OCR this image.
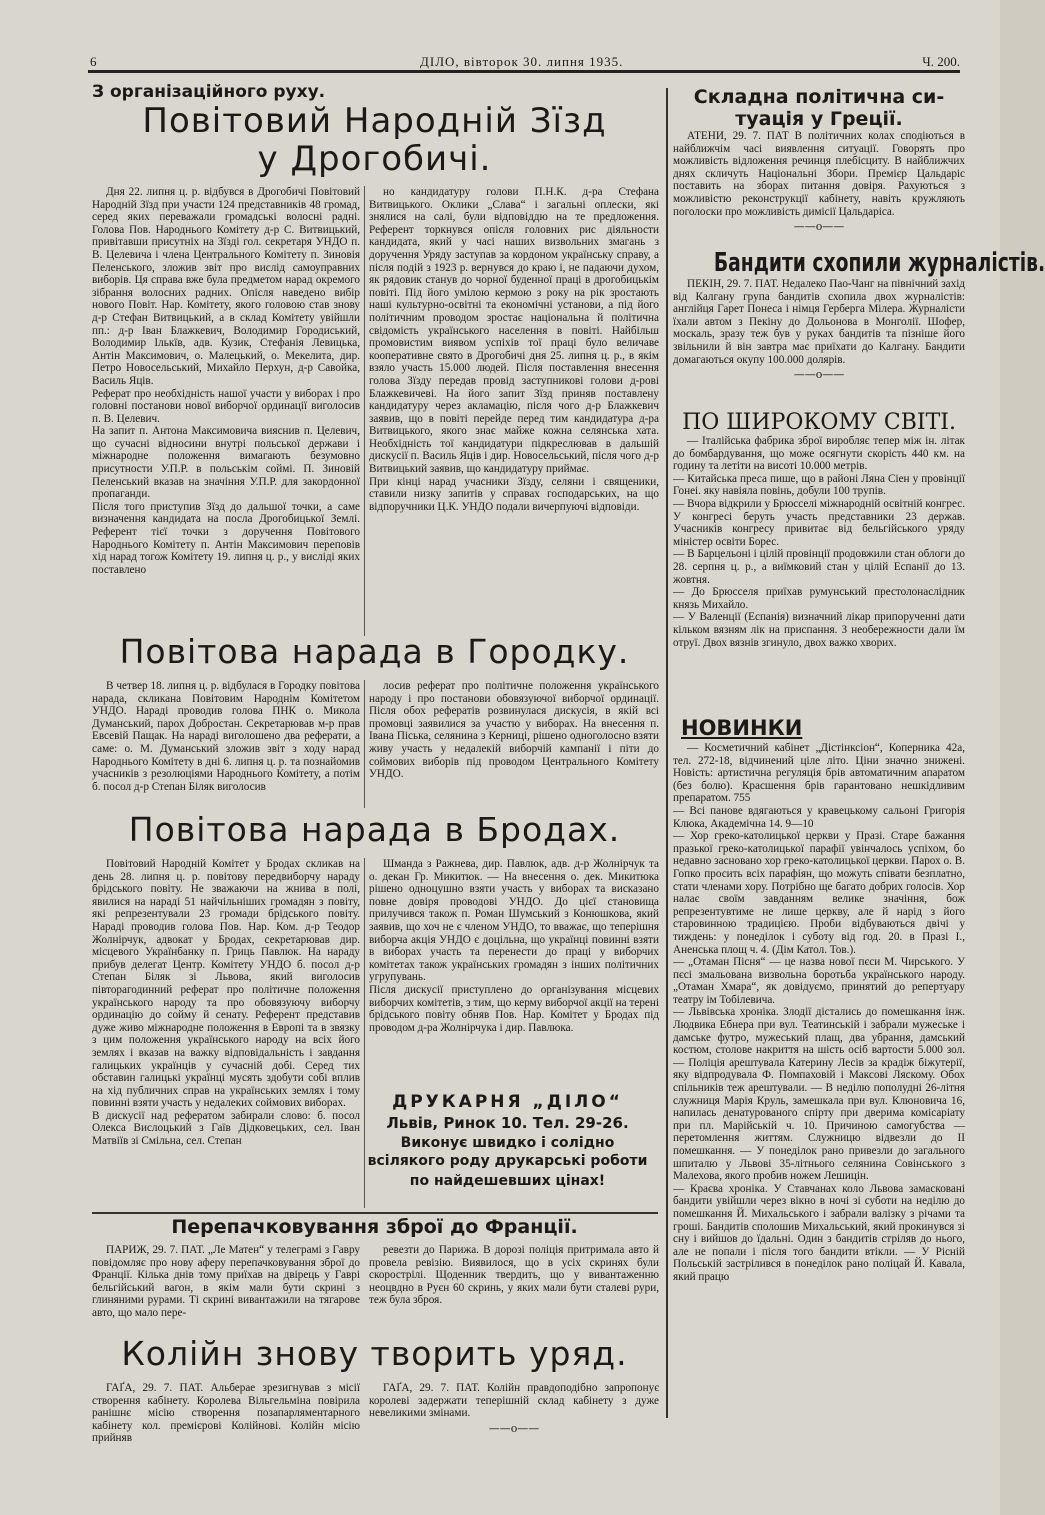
6	ДІЛО, вівторок 30. липня 1935.	Ч. 200.

З організаційного руху.

Повітовий Народній Зїзд

у Дрогобичі.

Дня 22. липня ц. р. відбувся в Дрогобичі Повітовий Народній Зїзд при участи 124 представників 48 громад, серед яких переважали громадські волосні радні. Голова Пов. Народнього Комітету д-р С. Витвицький, привітавши присутніх на Зїзді гол. секретаря УНДО п. В. Целевича і члена Центрального Комітету п. Зиновія Пеленського, зложив звіт про вислід самоуправних виборів. Ця справа вже була предметом нарад окремого зібрання волосних радних. Опісля наведено вибір нового Повіт. Нар. Комітету, якого головою став знову д-р Стефан Витвицький, а в склад Комітету увійшли пп.: д-р Іван Блажкевич, Володимир Городиський, Володимир Ількїв, адв. Кузик, Стефанія Левицька, Антін Максимович, о. Малецький, о. Мекелита, дир. Петро Новосельський, Михайло Перхун, д-р Савойка, Василь Яців.
Реферат про необхідність нашої участи у виборах і про головні постанови нової виборчої ординації виголосив п. В. Целевич.
На запит п. Антона Максимовича вияснив п. Целевич, що сучасні відносини внутрі польської держави і міжнародне положення вимагають безумовно присутности У.П.Р. в польськім соймі. П. Зиновій Пеленський вказав на значіння У.П.Р. для закордонної пропаганди.
Після того приступив Зїзд до дальшої точки, а саме визначення кандидата на посла Дрогобицької Землі. Референт тієї точки з доручення Повітового Народнього Комітету п. Антін Максимович переповів хід нарад тогож Комітету 19. липня ц. р., у висліді яких поставлено

но кандидатуру голови П.Н.К. д-ра Стефана Витвицького. Оклики „Слава“ і загальні оплески, які знялися на салі, були відповіддю на те предложення. Референт торкнувся опісля головних рис діяльности кандидата, який у часі наших визвольних змагань з доручення Уряду заступав за кордоном українську справу, а після подій з 1923 р. вернувся до краю і, не падаючи духом, як рядовик станув до чорної буденної праці в дрогобицькім повіті. Під його умілою кермою з року на рік зростають наші культурно-освітні та економічні установи, а під його політичним проводом зростає національна й політична свідомість українського населення в повіті. Найбільш промовистим виявом успіхів тої праці було величаве кооперативне свято в Дрогобичі дня 25. липня ц. р., в якім взяло участь 15.000 людей. Після поставлення внесення голова Зїзду передав провід заступникові голови д-рові Блажкевичеві. На його запит Зїзд приняв поставлену кандидатуру через акламацію, після чого д-р Блажкевич заявив, що в повіті перейде перед тим кандидатура д-ра Витвицького, якого знає майже кожна селянська хата. Необхідність тої кандидатури підкреслював в дальшій дискусії п. Василь Яців і дир. Новосельський, після чого д-р Витвицький заявив, що кандидатуру приймає.
При кінці нарад учасники Зїзду, селяни і священики, ставили низку запитів у справах господарських, на що відпоручники Ц.К. УНДО подали вичерпуючі відповіди.

Повітова нарада в Городку.

В четвер 18. липня ц. р. відбулася в Городку повітова нарада, скликана Повітовим Народнім Комітетом УНДО. Нараді проводив голова ПНК о. Микола Думанський, парох Добростан. Секретарював м-р прав Евсевій Пащак. На нараді виголошено два реферати, а саме: о. М. Думанський зложив звіт з ходу нарад Народнього Комітету в дні 6. липня ц. р. та познайомив учасників з резолюціями Народнього Комітету, а потім б. посол д-р Степан Біляк виголосив

лосив реферат про політичне положення українського народу і про постанови обовязуючої виборчої ординації. Після обох рефератів розвинулася дискусія, в якій всі промовці заявилися за участю у виборах. На внесення п. Івана Піська, селянина з Керниці, рішено одноголосно взяти живу участь у недалекій виборчій кампанії і піти до соймових виборів під проводом Центрального Комітету УНДО.

Повітова нарада в Бродах.

Повітовий Народній Комітет у Бродах скликав на день 28. липня ц. р. повітову передвиборчу нараду брідського повіту. Не зважаючи на жнива в полі, явилися на нараді 51 найчільніших громадян з повіту, які репрезентували 23 громади брідського повіту. Нараді проводив голова Пов. Нар. Ком. д-р Теодор Жолнірчук, адвокат у Бродах, секретарював дир. місцевого Українбанку п. Гриць Павлюк. На нараду прибув делегат Центр. Комітету УНДО б. посол д-р Степан Біляк зі Львова, який виголосив півторагодинний реферат про політичне положення українського народу та про обовязуючу виборчу ординацію до сойму й сенату. Референт представив дуже живо міжнародне положення в Европі та в звязку з цим положення українського народу на всіх його землях і вказав на важку відповідальність і завдання галицьких українців у сучасній добі. Серед тих обставин галицькі українці мусять здобути собі вплив на хід публичних справ на українських землях і тому повинні взяти участь у недалеких соймових виборах.
В дискусії над рефератом забирали слово: б. посол Олекса Вислоцький з Гаїв Дідковецьких, сел. Іван Матвіїв зі Смільна, сел. Степан

Шманда з Ражнева, дир. Павлюк, адв. д-р Жолнірчук та о. декан Гр. Микитюк. — На внесення о. дек. Микитюка рішено одноцушно взяти участь у виборах та висказано повне довіря проводові УНДО. До цієї становища прилучився також п. Роман Шумський з Конюшкова, який заявив, що хоч не є членом УНДО, то вважає, що теперішня виборча акція УНДО є доцільна, що українці повинні взяти в виборах участь та перенести до праці у виборчих комітетах також українських громадян з інших політичних угрупувань.
Після дискусії приступлено до організування місцевих виборчих комітетів, з тим, що керму виборчої акції на терені брідського повіту обняв Пов. Нар. Комітет у Бродах під проводом д-ра Жолнірчука і дир. Павлюка.

ДРУКАРНЯ „ДІЛО“

Львів, Ринок 10. Тел. 29-26.

Виконує швидко і солідно всілякого роду друкарські роботи

по найдешевших цінах!

Перепачковування зброї до Франції.

ПАРИЖ, 29. 7. ПАТ. „Ле Матен“ у телеграмі з Гавру повідомляє про нову аферу перепачковування зброї до Франції. Кілька днів тому приїхав на двірець у Гаврі бельгійський вагон, в якім мали бути скрині з глиняними рурами. Ті скрині вивантажили на тягарове авто, що мало пере-

ревезти до Парижа. В дорозі поліція притримала авто й провела ревізію. Виявилося, що в усіх скринях були скорострілі. Щоденник твердить, що у вивантаженню неоцвдно в Руєн 60 скринь, у яких мали бути сталеві рури, теж була зброя.

Колійн знову творить уряд.

ГАҐА, 29. 7. ПАТ. Альберае зрезигнував з місії створення кабінету. Королева Вільгельміна повірила ранішнє місію створення позапарляментарного кабінету кол. премієрові Колійнові. Колійн місію прийняв

ГАҐА, 29. 7. ПАТ. Колійн правдоподібно запропонує королеві задержати теперішній склад кабінету з дуже невеликими змінами.

——o——

Складна політична си-

туація у Греції.

АТЕНИ, 29. 7. ПАТ В політичних колах сподіються в найближчім часі виявлення ситуації. Говорять про можливість відложення речинця плебісциту. В найближчих днях скличуть Національні Збори. Премієр Цальдаріс поставить на зборах питання довіря. Рахуються з можливістю реконструкції кабінету, навіть кружляють поголоски про можливість димісії Цальдаріса.

——o——

Бандити схопили журналістів.

ПЕКІН, 29. 7. ПАТ. Недалеко Пао-Чанг на північний захід від Калгану група бандитів схопила двох журналістів: англійця Гарет Понеса і німця Герберга Мілера. Журналісти їхали автом з Пекіну до Дольонова в Монголії. Шофер, москаль, зразу теж був у руках бандитів та пізніше його звільнили й він завтра має приїхати до Калгану. Бандити домагаються окупу 100.000 долярів.

——o——

ПО ШИРОКОМУ СВІТІ.

— Італійська фабрика зброї виробляє тепер між ін. літак до бомбардування, що може осягнути скорість 440 км. на годину та летіти на висоті 10.000 метрів.
— Китайська преса пише, що в районі Ляна Сіен у провінції Гонеі. яку навіяла повінь, добули 100 трупів.
— Вчора відкрили у Брюсселі міжнародній освітній конгрес. У конгресі беруть участь представники 23 держав. Учасників конгресу привитає від бельгійського уряду міністер освіти Борес.
— В Барцельоні і цілій провінції продовжили стан облоги до 28. серпня ц. р., а виїмковий стан у цілій Еспанії до 13. жовтня.
— До Брюсселя приїхав румунський престолонаслідник князь Михайло.
— У Валенції (Еспанія) визначний лікар припорученні дати кільком вязням лік на приспання. З необережности дали їм отруї. Двох вязнів згинуло, двох важко хворих.

НОВИНКИ

— Косметичний кабінет „Дістінксіон“, Коперника 42а, тел. 272-18, відчинений ціле літо. Ціни значно знижені. Новість: артистична регуляція брів автоматичним апаратом (без болю). Красшення брів гарантовано нешкідливим препаратом. 755
— Всі панове вдягаються у кравецькому сальоні Григорія Клюка, Академічна 14. 9—10
— Хор греко-католицької церкви у Празі. Старе бажання празької греко-католицької парафії увінчалось успіхом, бо недавно засновано хор греко-католицької церкви. Парох о. В. Гопко просить всіх парафіян, що можуть співати безплатно, стати членами хору. Потрібно ще багато добрих голосів. Хор налає своїм завданням велике значіння, бож репрезентувтиме не лише церкву, але й нарід з його старовинною традицією. Проби відбуваються двічі у тиждень: у понеділок і суботу від год. 20. в Празі I., Аненська площ ч. 4. (Дім Катол. Тов.).
— „Отаман Пісня“ — це назва нової пєси М. Чирського. У пєсі змальована визвольна боротьба українського народу. „Отаман Хмара“, як довідуємо, принятий до репертуару театру ім Тобілевича.
— Львівська хроніка. Злодії дістались до помешкання інж. Людвика Ебнера при вул. Театинській і забрали мужеське і дамське футро, мужеський плащ, два убрання, дамський костюм, столове накриття на шість осіб вартости 5.000 зол. — Поліція арештувала Катерину Лесів за крадіж біжутерії, яку відпродувала Ф. Помпаховій і Максові Ляскому. Обох спільників теж арештували. — В неділю пополудні 26-літня служниця Марія Круль, замешкала при вул. Клюновича 16, напилась денатурованого спірту при дверима комісаріату при пл. Марійській ч. 10. Причиною самогубства — перетомлення життям. Служницю відвезли до ІІ помешкання. — У понеділок рано привезли до загального шпиталю у Львові 35-літнього селянина Совінського з Малехова, якого пробив ножем Лешицін.
— Краєва хроніка. У Ставчанах коло Львова замасковані бандити увійшли через вікно в ночі зі суботи на неділю до помешкання Й. Михальського і забрали валізку з річами та гроші. Бандитів сполошив Михальський, який прокинувся зі сну і вийшов до їдальні. Один з бандитів стріляв до нього, але не попали і після того бандити втікли. — У Рісній Польській застрілився в понеділок рано поліцай Й. Кавала, який працю
